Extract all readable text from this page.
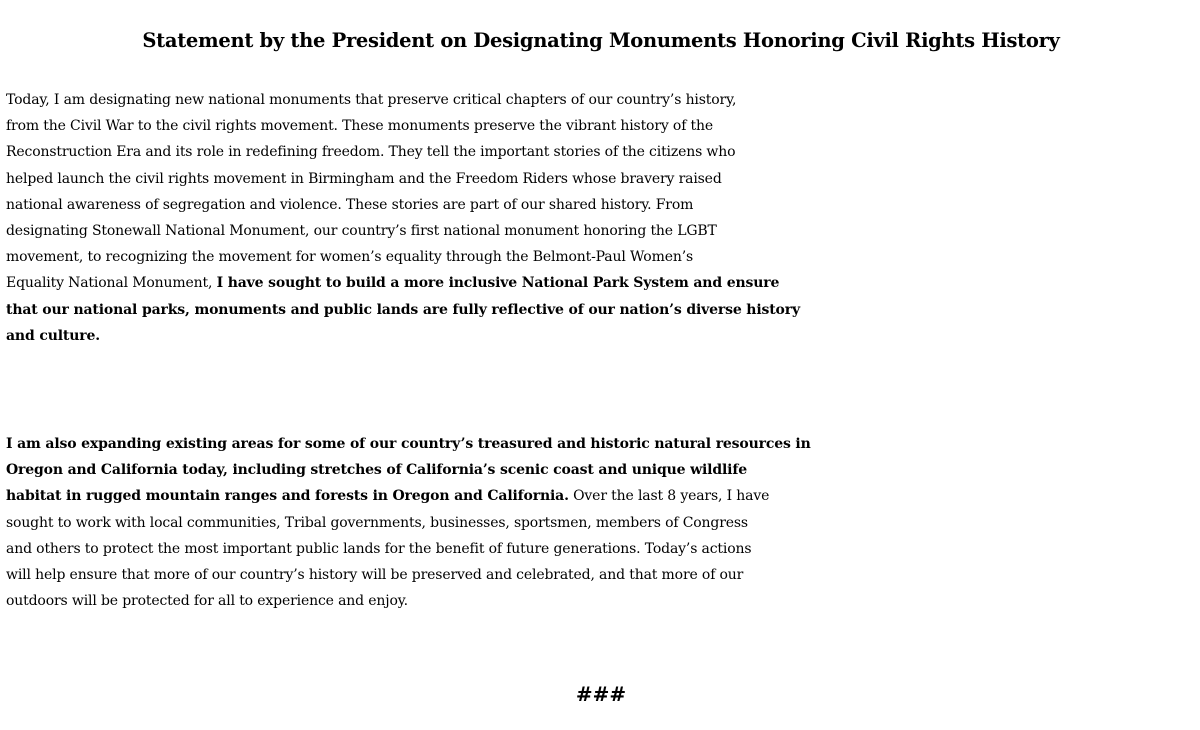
Statement by the President on Designating Monuments Honoring Civil Rights History

Today, I am designating new national monuments that preserve critical chapters of our country’s history,
from the Civil War to the civil rights movement. These monuments preserve the vibrant history of the
Reconstruction Era and its role in redefining freedom. They tell the important stories of the citizens who
helped launch the civil rights movement in Birmingham and the Freedom Riders whose bravery raised
national awareness of segregation and violence. These stories are part of our shared history. From
designating Stonewall National Monument, our country’s first national monument honoring the LGBT
movement, to recognizing the movement for women’s equality through the Belmont-Paul Women’s
Equality National Monument, I have sought to build a more inclusive National Park System and ensure
that our national parks, monuments and public lands are fully reflective of our nation’s diverse history
and culture.

I am also expanding existing areas for some of our country’s treasured and historic natural resources in
Oregon and California today, including stretches of California’s scenic coast and unique wildlife
habitat in rugged mountain ranges and forests in Oregon and California. Over the last 8 years, I have
sought to work with local communities, Tribal governments, businesses, sportsmen, members of Congress
and others to protect the most important public lands for the benefit of future generations. Today’s actions
will help ensure that more of our country’s history will be preserved and celebrated, and that more of our
outdoors will be protected for all to experience and enjoy.

###
